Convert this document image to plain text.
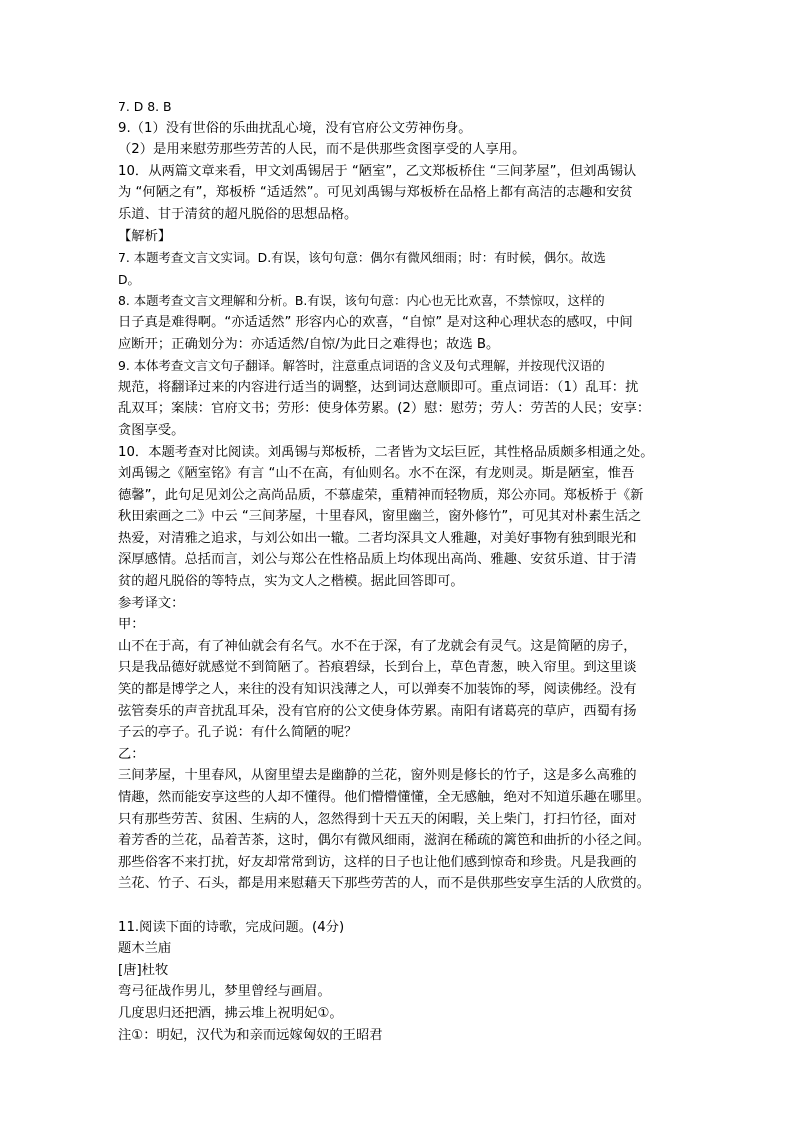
7. D 8. B
9.（1）没有世俗的乐曲扰乱心境，没有官府公文劳神伤身。
（2）是用来慰劳那些劳苦的人民，而不是供那些贪图享受的人享用。
10．从两篇文章来看，甲文刘禹锡居于 “陋室”，乙文郑板桥住 “三间茅屋”，但刘禹锡认
为 “何陋之有”，郑板桥 “适适然”。可见刘禹锡与郑板桥在品格上都有高洁的志趣和安贫
乐道、甘于清贫的超凡脱俗的思想品格。
【解析】
7. 本题考查文言文实词。D.有误，该句句意：偶尔有微风细雨；时：有时候，偶尔。故选
D。
8. 本题考查文言文理解和分析。B.有误，该句句意：内心也无比欢喜，不禁惊叹，这样的
日子真是难得啊。“亦适适然” 形容内心的欢喜，“自惊” 是对这种心理状态的感叹，中间
应断开；正确划分为：亦适适然/自惊/为此日之难得也；故选 B。
9. 本体考查文言文句子翻译。解答时，注意重点词语的含义及句式理解，并按现代汉语的
规范，将翻译过来的内容进行适当的调整，达到词达意顺即可。重点词语：（1）乱耳：扰
乱双耳；案牍：官府文书；劳形：使身体劳累。(2）慰：慰劳；劳人：劳苦的人民；安享：
贪图享受。
10．本题考查对比阅读。刘禹锡与郑板桥，二者皆为文坛巨匠，其性格品质颇多相通之处。
刘禹锡之《陋室铭》有言 “山不在高，有仙则名。水不在深，有龙则灵。斯是陋室，惟吾
德馨”，此句足见刘公之高尚品质，不慕虚荣，重精神而轻物质，郑公亦同。郑板桥于《新
秋田索画之二》中云 “三间茅屋，十里春风，窗里幽兰，窗外修竹”，可见其对朴素生活之
热爱，对清雅之追求，与刘公如出一辙。二者均深具文人雅趣，对美好事物有独到眼光和
深厚感情。总括而言，刘公与郑公在性格品质上均体现出高尚、雅趣、安贫乐道、甘于清
贫的超凡脱俗的等特点，实为文人之楷模。据此回答即可。
参考译文：
甲：
山不在于高，有了神仙就会有名气。水不在于深，有了龙就会有灵气。这是简陋的房子，
只是我品德好就感觉不到简陋了。苔痕碧绿，长到台上，草色青葱，映入帘里。到这里谈
笑的都是博学之人，来往的没有知识浅薄之人，可以弹奏不加装饰的琴，阅读佛经。没有
弦管奏乐的声音扰乱耳朵，没有官府的公文使身体劳累。南阳有诸葛亮的草庐，西蜀有扬
子云的亭子。孔子说：有什么简陋的呢？
乙：
三间茅屋，十里春风，从窗里望去是幽静的兰花，窗外则是修长的竹子，这是多么高雅的
情趣，然而能安享这些的人却不懂得。他们懵懵懂懂，全无感触，绝对不知道乐趣在哪里。
只有那些劳苦、贫困、生病的人，忽然得到十天五天的闲暇，关上柴门，打扫竹径，面对
着芳香的兰花，品着苦茶，这时，偶尔有微风细雨，滋润在稀疏的篱笆和曲折的小径之间。
那些俗客不来打扰，好友却常常到访，这样的日子也让他们感到惊奇和珍贵。凡是我画的
兰花、竹子、石头，都是用来慰藉天下那些劳苦的人，而不是供那些安享生活的人欣赏的。
11.阅读下面的诗歌，完成问题。(4分)
题木兰庙
[唐]杜牧
弯弓征战作男儿，梦里曾经与画眉。
几度思归还把酒，拂云堆上祝明妃①。
注①：明妃，汉代为和亲而远嫁匈奴的王昭君
